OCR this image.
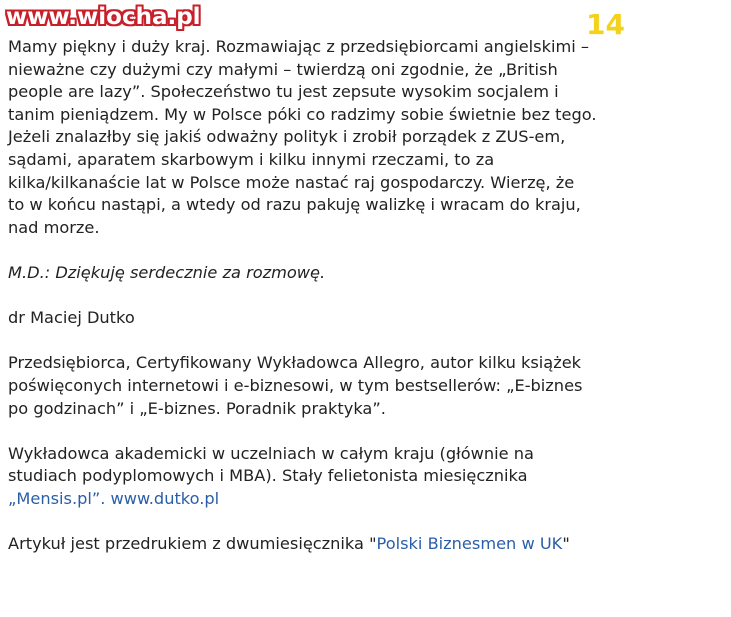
www.wiocha.pl	14

Mamy piękny i duży kraj. Rozmawiając z przedsiębiorcami angielskimi –
nieważne czy dużymi czy małymi – twierdzą oni zgodnie, że „British
people are lazy”. Społeczeństwo tu jest zepsute wysokim socjalem i
tanim pieniądzem. My w Polsce póki co radzimy sobie świetnie bez tego.
Jeżeli znalazłby się jakiś odważny polityk i zrobił porządek z ZUS-em,
sądami, aparatem skarbowym i kilku innymi rzeczami, to za
kilka/kilkanaście lat w Polsce może nastać raj gospodarczy. Wierzę, że
to w końcu nastąpi, a wtedy od razu pakuję walizkę i wracam do kraju,
nad morze.

M.D.: Dziękuję serdecznie za rozmowę.

dr Maciej Dutko

Przedsiębiorca, Certyfikowany Wykładowca Allegro, autor kilku książek
poświęconych internetowi i e-biznesowi, w tym bestsellerów: „E-biznes
po godzinach” i „E-biznes. Poradnik praktyka”.

Wykładowca akademicki w uczelniach w całym kraju (głównie na
studiach podyplomowych i MBA). Stały felietonista miesięcznika
„Mensis.pl”. www.dutko.pl

Artykuł jest przedrukiem z dwumiesięcznika "Polski Biznesmen w UK"
